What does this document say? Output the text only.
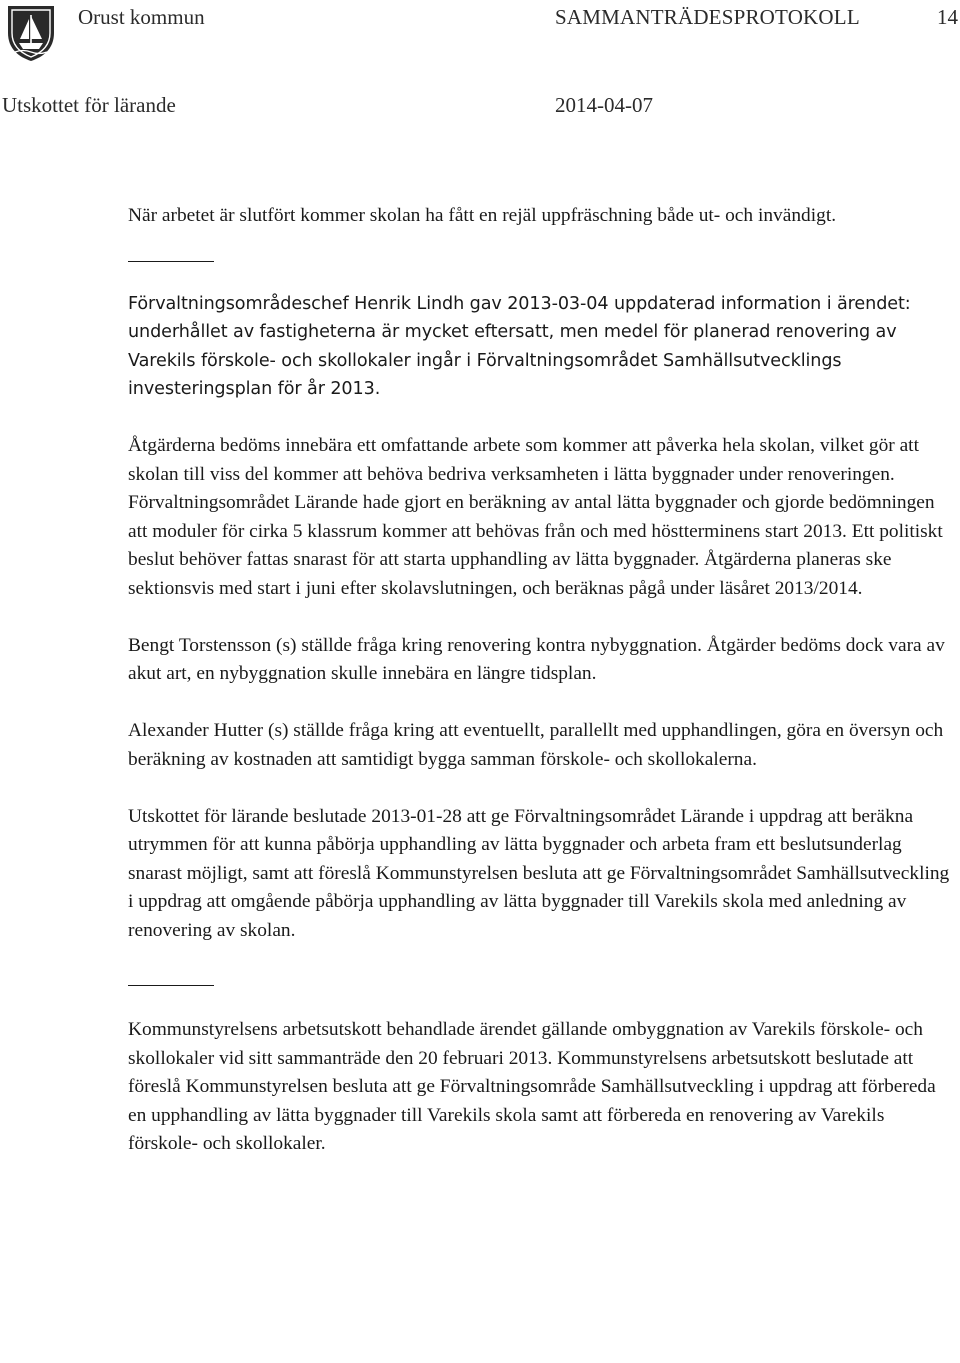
Orust kommun	SAMMANTRÄDESPROTOKOLL	14
Utskottet för lärande	2014-04-07

När arbetet är slutfört kommer skolan ha fått en rejäl uppfräschning både ut- och invändigt.

Förvaltningsområdeschef Henrik Lindh gav 2013-03-04 uppdaterad information i ärendet: underhållet av fastigheterna är mycket eftersatt, men medel för planerad renovering av Varekils förskole- och skollokaler ingår i Förvaltningsområdet Samhällsutvecklings investeringsplan för år 2013.

Åtgärderna bedöms innebära ett omfattande arbete som kommer att påverka hela skolan, vilket gör att skolan till viss del kommer att behöva bedriva verksamheten i lätta byggnader under renoveringen. Förvaltningsområdet Lärande hade gjort en beräkning av antal lätta byggnader och gjorde bedömningen att moduler för cirka 5 klassrum kommer att behövas från och med höstterminens start 2013. Ett politiskt beslut behöver fattas snarast för att starta upphandling av lätta byggnader. Åtgärderna planeras ske sektionsvis med start i juni efter skolavslutningen, och beräknas pågå under läsåret 2013/2014.

Bengt Torstensson (s) ställde fråga kring renovering kontra nybyggnation. Åtgärder bedöms dock vara av akut art, en nybyggnation skulle innebära en längre tidsplan.

Alexander Hutter (s) ställde fråga kring att eventuellt, parallellt med upphandlingen, göra en översyn och beräkning av kostnaden att samtidigt bygga samman förskole- och skollokalerna.

Utskottet för lärande beslutade 2013-01-28 att ge Förvaltningsområdet Lärande i uppdrag att beräkna utrymmen för att kunna påbörja upphandling av lätta byggnader och arbeta fram ett beslutsunderlag snarast möjligt, samt att föreslå Kommunstyrelsen besluta att ge Förvaltningsområdet Samhällsutveckling i uppdrag att omgående påbörja upphandling av lätta byggnader till Varekils skola med anledning av renovering av skolan.

Kommunstyrelsens arbetsutskott behandlade ärendet gällande ombyggnation av Varekils förskole- och skollokaler vid sitt sammanträde den 20 februari 2013. Kommunstyrelsens arbetsutskott beslutade att föreslå Kommunstyrelsen besluta att ge Förvaltningsområde Samhällsutveckling i uppdrag att förbereda en upphandling av lätta byggnader till Varekils skola samt att förbereda en renovering av Varekils förskole- och skollokaler.
